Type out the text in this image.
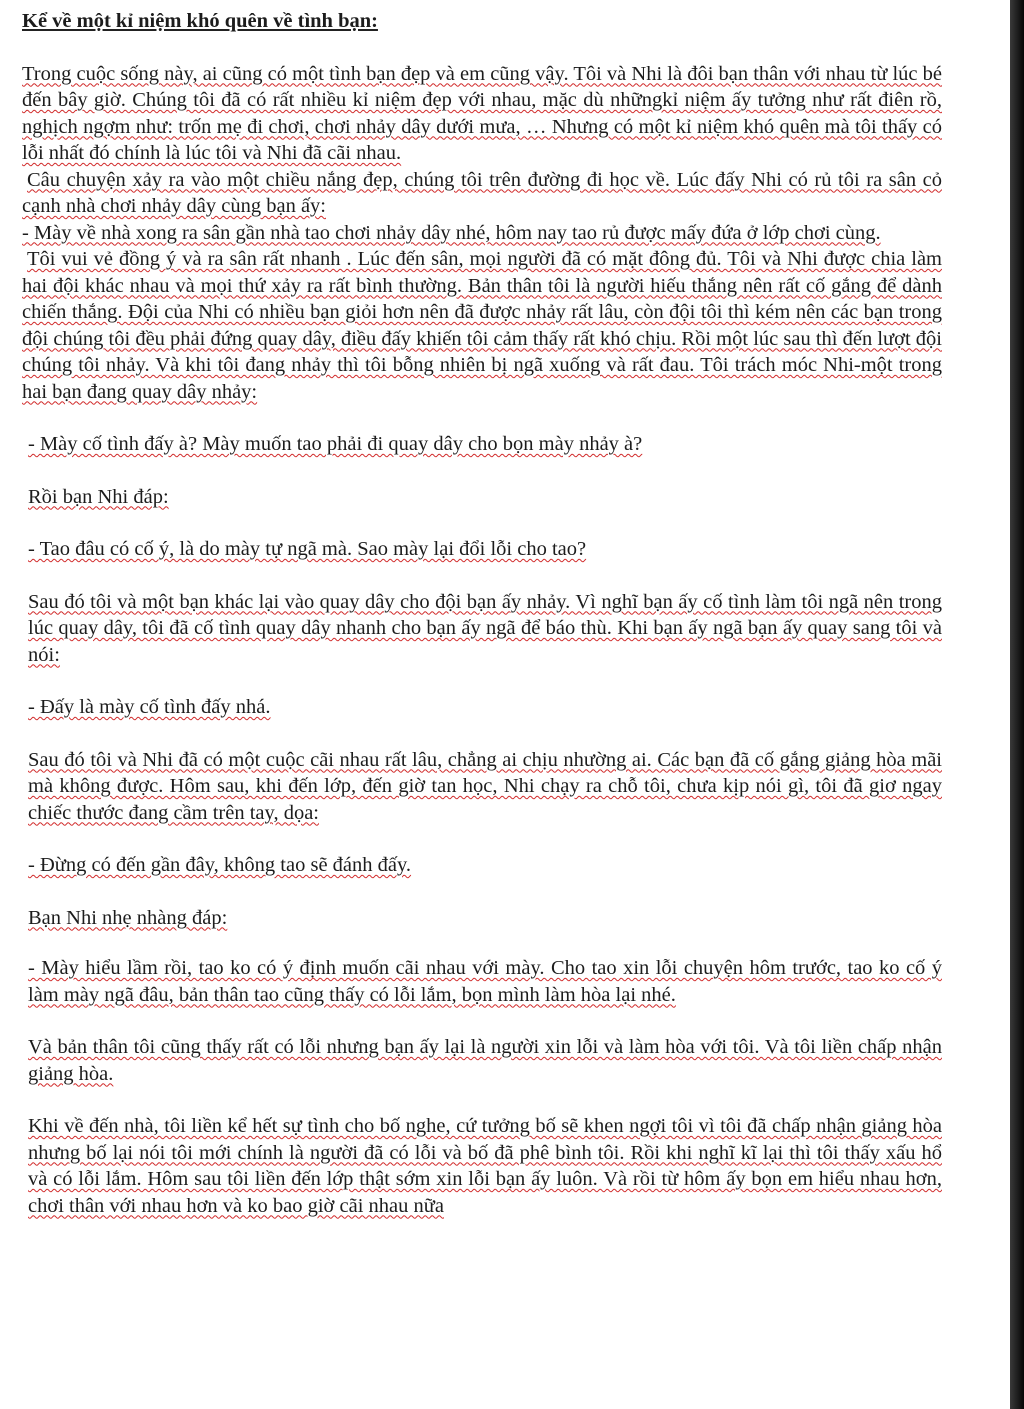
Kể về một kỉ niệm khó quên về tình bạn:

Trong cuộc sống này, ai cũng có một tình bạn đẹp và em cũng vậy. Tôi và Nhi là đôi bạn thân với nhau từ lúc bé đến bây giờ. Chúng tôi đã có rất nhiều kỉ niệm đẹp với nhau, mặc dù nhữngkỉ niệm ấy tưởng như rất điên rồ, nghịch ngợm như: trốn mẹ đi chơi, chơi nhảy dây dưới mưa, … Nhưng có một kỉ niệm khó quên mà tôi thấy có lỗi nhất đó chính là lúc tôi và Nhi đã cãi nhau.

Câu chuyện xảy ra vào một chiều nắng đẹp, chúng tôi trên đường đi học về. Lúc đấy Nhi có rủ tôi ra sân cỏ cạnh nhà chơi nhảy dây cùng bạn ấy:

- Mày về nhà xong ra sân gần nhà tao chơi nhảy dây nhé, hôm nay tao rủ được mấy đứa ở lớp chơi cùng.

Tôi vui vẻ đồng ý và ra sân rất nhanh . Lúc đến sân, mọi người đã có mặt đông đủ. Tôi và Nhi được chia làm hai đội khác nhau và mọi thứ xảy ra rất bình thường. Bản thân tôi là người hiếu thắng nên rất cố gắng để dành chiến thắng. Đội của Nhi có nhiều bạn giỏi hơn nên đã được nhảy rất lâu, còn đội tôi thì kém nên các bạn trong đội chúng tôi đều phải đứng quay dây, điều đấy khiến tôi cảm thấy rất khó chịu. Rồi một lúc sau thì đến lượt đội chúng tôi nhảy. Và khi tôi đang nhảy thì tôi bỗng nhiên bị ngã xuống và rất đau. Tôi trách móc Nhi-một trong hai bạn đang quay dây nhảy:

- Mày cố tình đấy à? Mày muốn tao phải đi quay dây cho bọn mày nhảy à?

Rồi bạn Nhi đáp:

- Tao đâu có cố ý, là do mày tự ngã mà. Sao mày lại đổi lỗi cho tao?

Sau đó tôi và một bạn khác lại vào quay dây cho đội bạn ấy nhảy. Vì nghĩ bạn ấy cố tình làm tôi ngã nên trong lúc quay dây, tôi đã cố tình quay dây nhanh cho bạn ấy ngã để báo thù. Khi bạn ấy ngã bạn ấy quay sang tôi và nói:

- Đấy là mày cố tình đấy nhá.

Sau đó tôi và Nhi đã có một cuộc cãi nhau rất lâu, chẳng ai chịu nhường ai. Các bạn đã cố gắng giảng hòa mãi mà không được. Hôm sau, khi đến lớp, đến giờ tan học, Nhi chạy ra chỗ tôi, chưa kịp nói gì, tôi đã giơ ngay chiếc thước đang cầm trên tay, dọa:

- Đừng có đến gần đây, không tao sẽ đánh đấy.

Bạn Nhi nhẹ nhàng đáp:

- Mày hiểu lầm rồi, tao ko có ý định muốn cãi nhau với mày. Cho tao xin lỗi chuyện hôm trước, tao ko cố ý làm mày ngã đâu, bản thân tao cũng thấy có lỗi lắm, bọn mình làm hòa lại nhé.

Và bản thân tôi cũng thấy rất có lỗi nhưng bạn ấy lại là người xin lỗi và làm hòa với tôi. Và tôi liền chấp nhận giảng hòa.

Khi về đến nhà, tôi liền kể hết sự tình cho bố nghe, cứ tưởng bố sẽ khen ngợi tôi vì tôi đã chấp nhận giảng hòa nhưng bố lại nói tôi mới chính là người đã có lỗi và bố đã phê bình tôi. Rồi khi nghĩ kĩ lại thì tôi thấy xấu hổ và có lỗi lắm. Hôm sau tôi liền đến lớp thật sớm xin lỗi bạn ấy luôn. Và rồi từ hôm ấy bọn em hiểu nhau hơn, chơi thân với nhau hơn và ko bao giờ cãi nhau nữa
